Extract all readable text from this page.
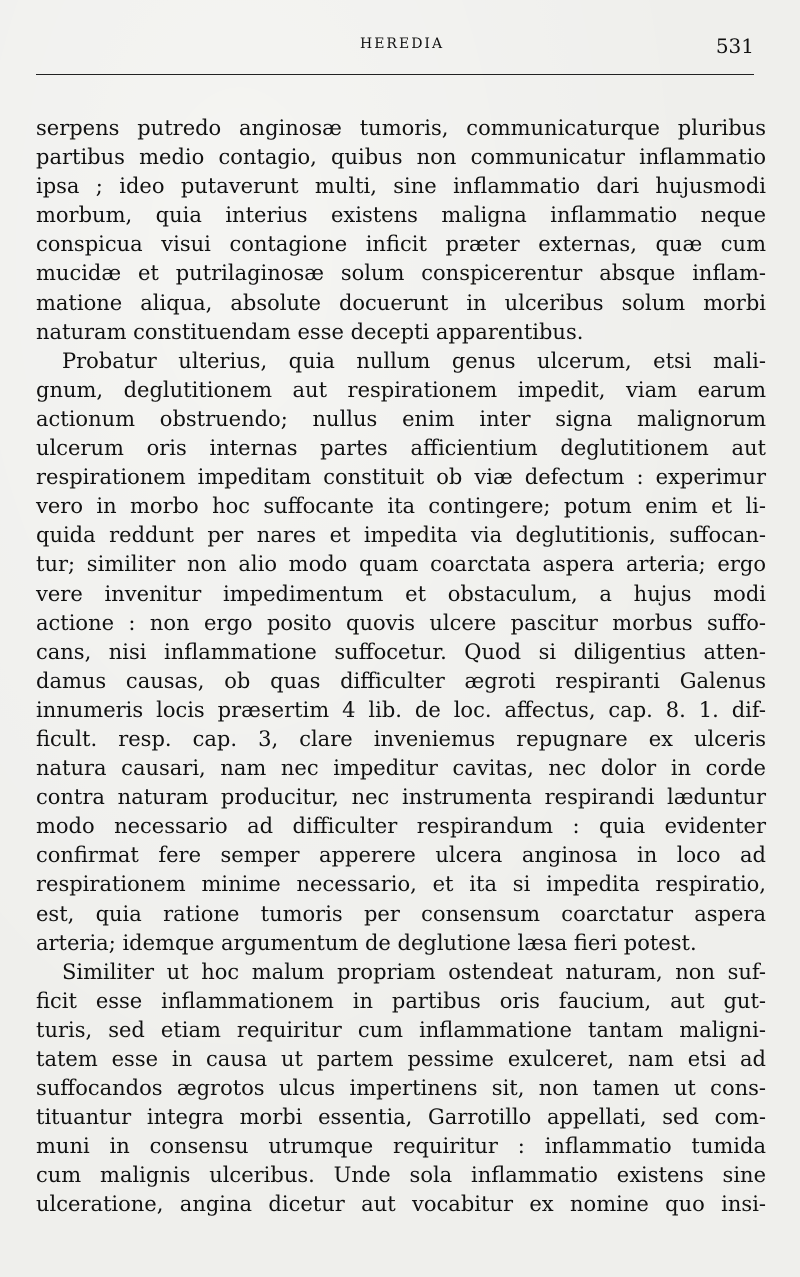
HEREDIA	531
serpens putredo anginosæ tumoris, communicaturque pluribus
partibus medio contagio, quibus non communicatur inflammatio
ipsa ; ideo putaverunt multi, sine inflammatio dari hujusmodi
morbum, quia interius existens maligna inflammatio neque
conspicua visui contagione inficit præter externas, quæ cum
mucidæ et putrilaginosæ solum conspicerentur absque inflam-
matione aliqua, absolute docuerunt in ulceribus solum morbi
naturam constituendam esse decepti apparentibus.
Probatur ulterius, quia nullum genus ulcerum, etsi mali-
gnum, deglutitionem aut respirationem impedit, viam earum
actionum obstruendo; nullus enim inter signa malignorum
ulcerum oris internas partes afficientium deglutitionem aut
respirationem impeditam constituit ob viæ defectum : experimur
vero in morbo hoc suffocante ita contingere; potum enim et li-
quida reddunt per nares et impedita via deglutitionis, suffocan-
tur; similiter non alio modo quam coarctata aspera arteria; ergo
vere invenitur impedimentum et obstaculum, a hujus modi
actione : non ergo posito quovis ulcere pascitur morbus suffo-
cans, nisi inflammatione suffocetur. Quod si diligentius atten-
damus causas, ob quas difficulter ægroti respiranti Galenus
innumeris locis præsertim 4 lib. de loc. affectus, cap. 8. 1. dif-
ficult. resp. cap. 3, clare inveniemus repugnare ex ulceris
natura causari, nam nec impeditur cavitas, nec dolor in corde
contra naturam producitur, nec instrumenta respirandi læduntur
modo necessario ad difficulter respirandum : quia evidenter
confirmat fere semper apperere ulcera anginosa in loco ad
respirationem minime necessario, et ita si impedita respiratio,
est, quia ratione tumoris per consensum coarctatur aspera
arteria; idemque argumentum de deglutione læsa fieri potest.
Similiter ut hoc malum propriam ostendeat naturam, non suf-
ficit esse inflammationem in partibus oris faucium, aut gut-
turis, sed etiam requiritur cum inflammatione tantam maligni-
tatem esse in causa ut partem pessime exulceret, nam etsi ad
suffocandos ægrotos ulcus impertinens sit, non tamen ut cons-
tituantur integra morbi essentia, Garrotillo appellati, sed com-
muni in consensu utrumque requiritur : inflammatio tumida
cum malignis ulceribus. Unde sola inflammatio existens sine
ulceratione, angina dicetur aut vocabitur ex nomine quo insi-
